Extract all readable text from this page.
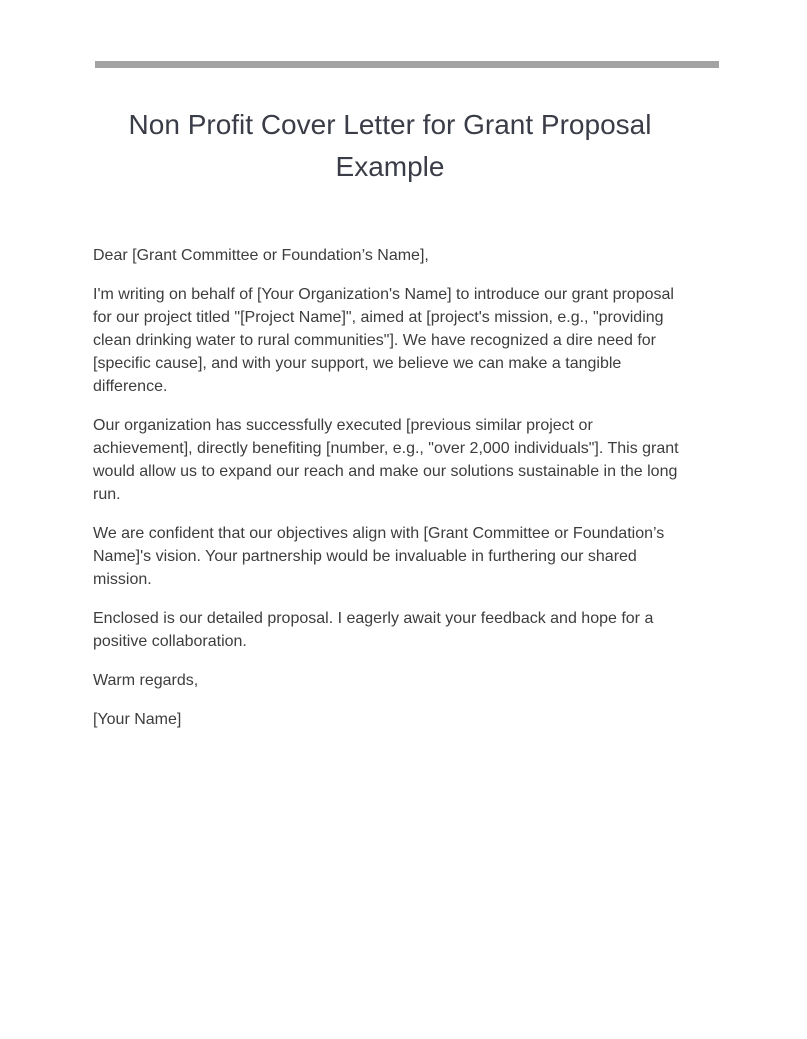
Non Profit Cover Letter for Grant Proposal
Example

Dear [Grant Committee or Foundation’s Name],

I'm writing on behalf of [Your Organization's Name] to introduce our grant proposal for our project titled "[Project Name]", aimed at [project's mission, e.g., "providing clean drinking water to rural communities"]. We have recognized a dire need for [specific cause], and with your support, we believe we can make a tangible difference.

Our organization has successfully executed [previous similar project or achievement], directly benefiting [number, e.g., "over 2,000 individuals"]. This grant would allow us to expand our reach and make our solutions sustainable in the long run.

We are confident that our objectives align with [Grant Committee or Foundation’s Name]'s vision. Your partnership would be invaluable in furthering our shared mission.

Enclosed is our detailed proposal. I eagerly await your feedback and hope for a positive collaboration.

Warm regards,

[Your Name]
